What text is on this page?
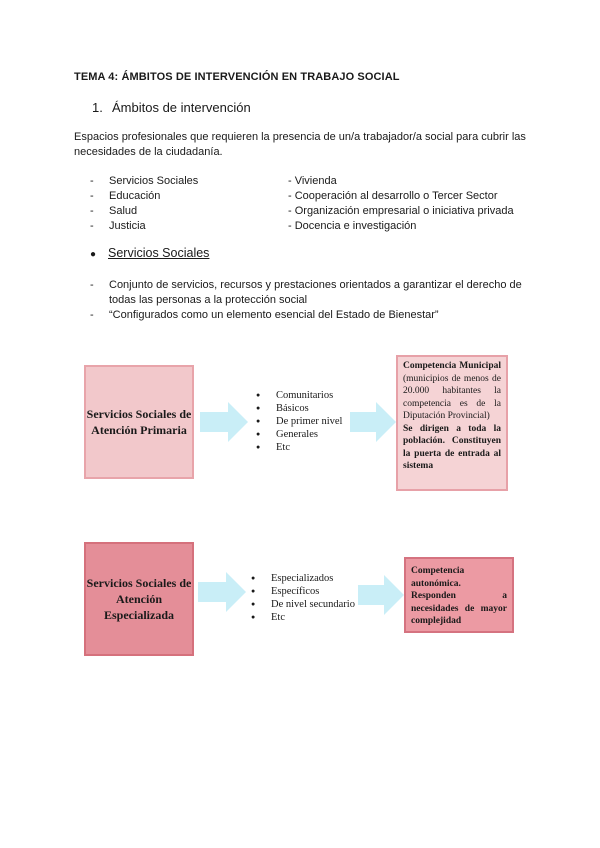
TEMA 4: ÁMBITOS DE INTERVENCIÓN EN TRABAJO SOCIAL
1. Ámbitos de intervención
Espacios profesionales que requieren la presencia de un/a trabajador/a social para cubrir las necesidades de la ciudadanía.
- Servicios Sociales
- Educación
- Salud
- Justicia
- Vivienda
- Cooperación al desarrollo o Tercer Sector
- Organización empresarial o iniciativa privada
- Docencia e investigación
● Servicios Sociales
-	Conjunto de servicios, recursos y prestaciones orientados a garantizar el derecho de todas las personas a la protección social
-	“Configurados como un elemento esencial del Estado de Bienestar”
Servicios Sociales de Atención Primaria
● Comunitarios
● Básicos
● De primer nivel
● Generales
● Etc
Competencia Municipal (municipios de menos de 20.000 habitantes la competencia es de la Diputación Provincial)
Se dirigen a toda la población. Constituyen la puerta de entrada al sistema
Servicios Sociales de Atención Especializada
● Especializados
● Específicos
● De nivel secundario
● Etc
Competencia autonómica. Responden a necesidades de mayor complejidad
